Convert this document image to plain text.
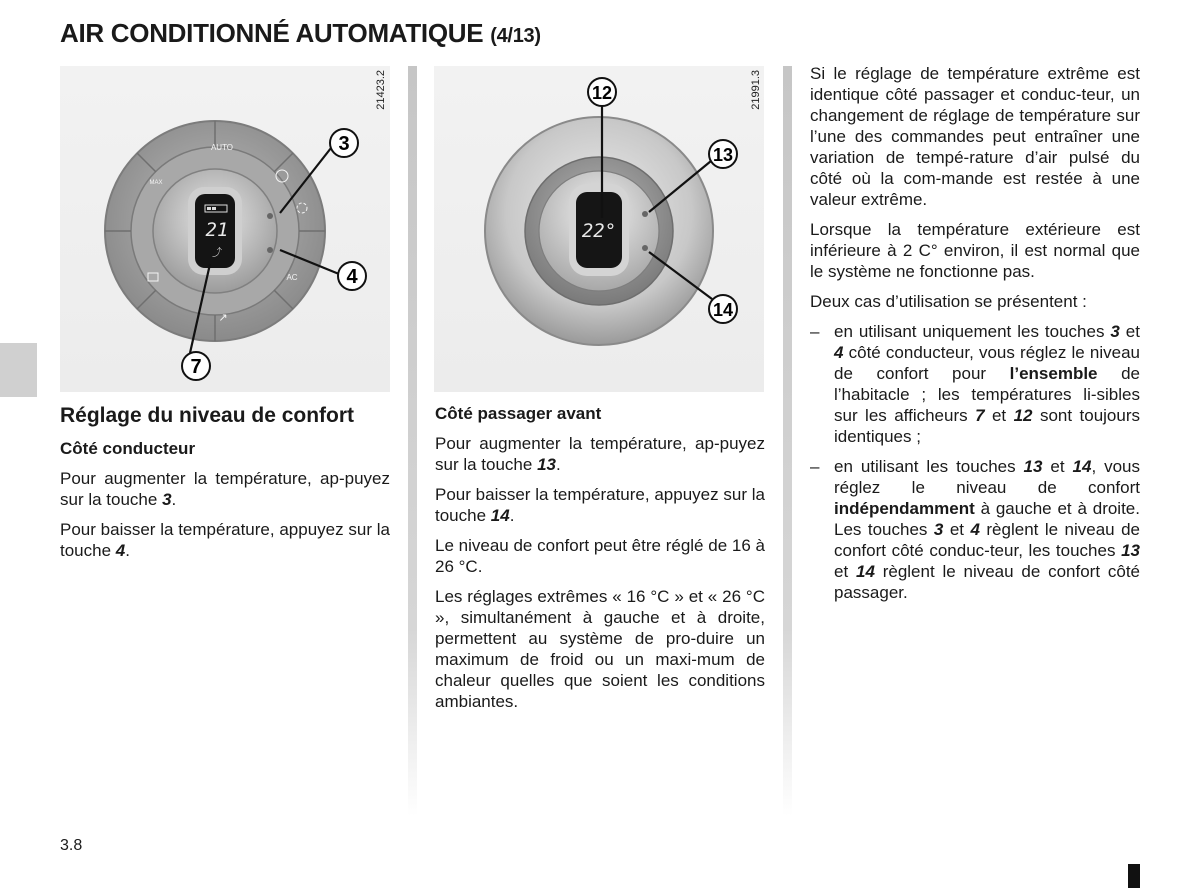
AIR CONDITIONNÉ AUTOMATIQUE (4/13)
AUTO
AC
MAX
↗
21
⤴
3
4
7
21423.2
22°
12
13
14
21991.3
Réglage du niveau de confort
Côté conducteur

Pour augmenter la température, ap-puyez sur la touche 3.

Pour baisser la température, appuyez sur la touche 4.

Côté passager avant

Pour augmenter la température, ap-puyez sur la touche 13.

Pour baisser la température, appuyez sur la touche 14.

Le niveau de confort peut être réglé de 16 à 26 °C.

Les réglages extrêmes « 16 °C » et « 26 °C », simultanément à gauche et à droite, permettent au système de pro-duire un maximum de froid ou un maxi-mum de chaleur quelles que soient les conditions ambiantes.

Si le réglage de température extrême est identique côté passager et conduc-teur, un changement de réglage de température sur l’une des commandes peut entraîner une variation de tempé-rature d’air pulsé du côté où la com-mande est restée à une valeur extrême.

Lorsque la température extérieure est inférieure à 2 C° environ, il est normal que le système ne fonctionne pas.

Deux cas d’utilisation se présentent :

– en utilisant uniquement les touches 3 et 4 côté conducteur, vous réglez le niveau de confort pour l’ensemble de l’habitacle ; les températures li-sibles sur les afficheurs 7 et 12 sont toujours identiques ;
– en utilisant les touches 13 et 14, vous réglez le niveau de confort indépendamment à gauche et à droite. Les touches 3 et 4 règlent le niveau de confort côté conduc-teur, les touches 13 et 14 règlent le niveau de confort côté passager.
3.8
